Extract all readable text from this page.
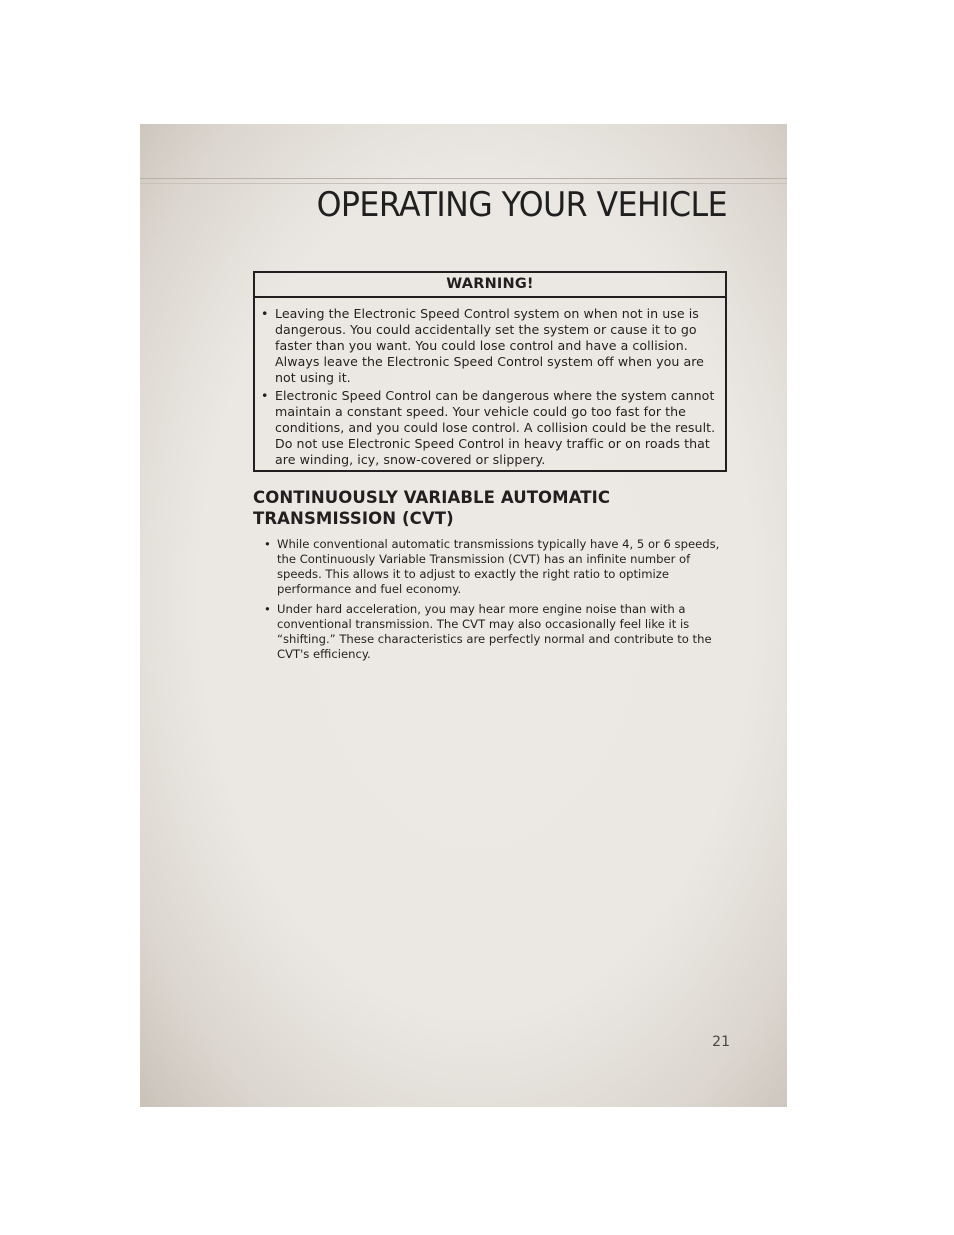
OPERATING YOUR VEHICLE
WARNING!
• Leaving the Electronic Speed Control system on when not in use is dangerous. You could accidentally set the system or cause it to go faster than you want. You could lose control and have a collision. Always leave the Electronic Speed Control system off when you are not using it.
• Electronic Speed Control can be dangerous where the system cannot maintain a constant speed. Your vehicle could go too fast for the conditions, and you could lose control. A collision could be the result. Do not use Electronic Speed Control in heavy traffic or on roads that are winding, icy, snow-covered or slippery.
CONTINUOUSLY VARIABLE AUTOMATIC
TRANSMISSION (CVT)
• While conventional automatic transmissions typically have 4, 5 or 6 speeds, the Continuously Variable Transmission (CVT) has an infinite number of speeds. This allows it to adjust to exactly the right ratio to optimize performance and fuel economy.
• Under hard acceleration, you may hear more engine noise than with a conventional transmission. The CVT may also occasionally feel like it is “shifting.” These characteristics are perfectly normal and contribute to the CVT's efficiency.
21
